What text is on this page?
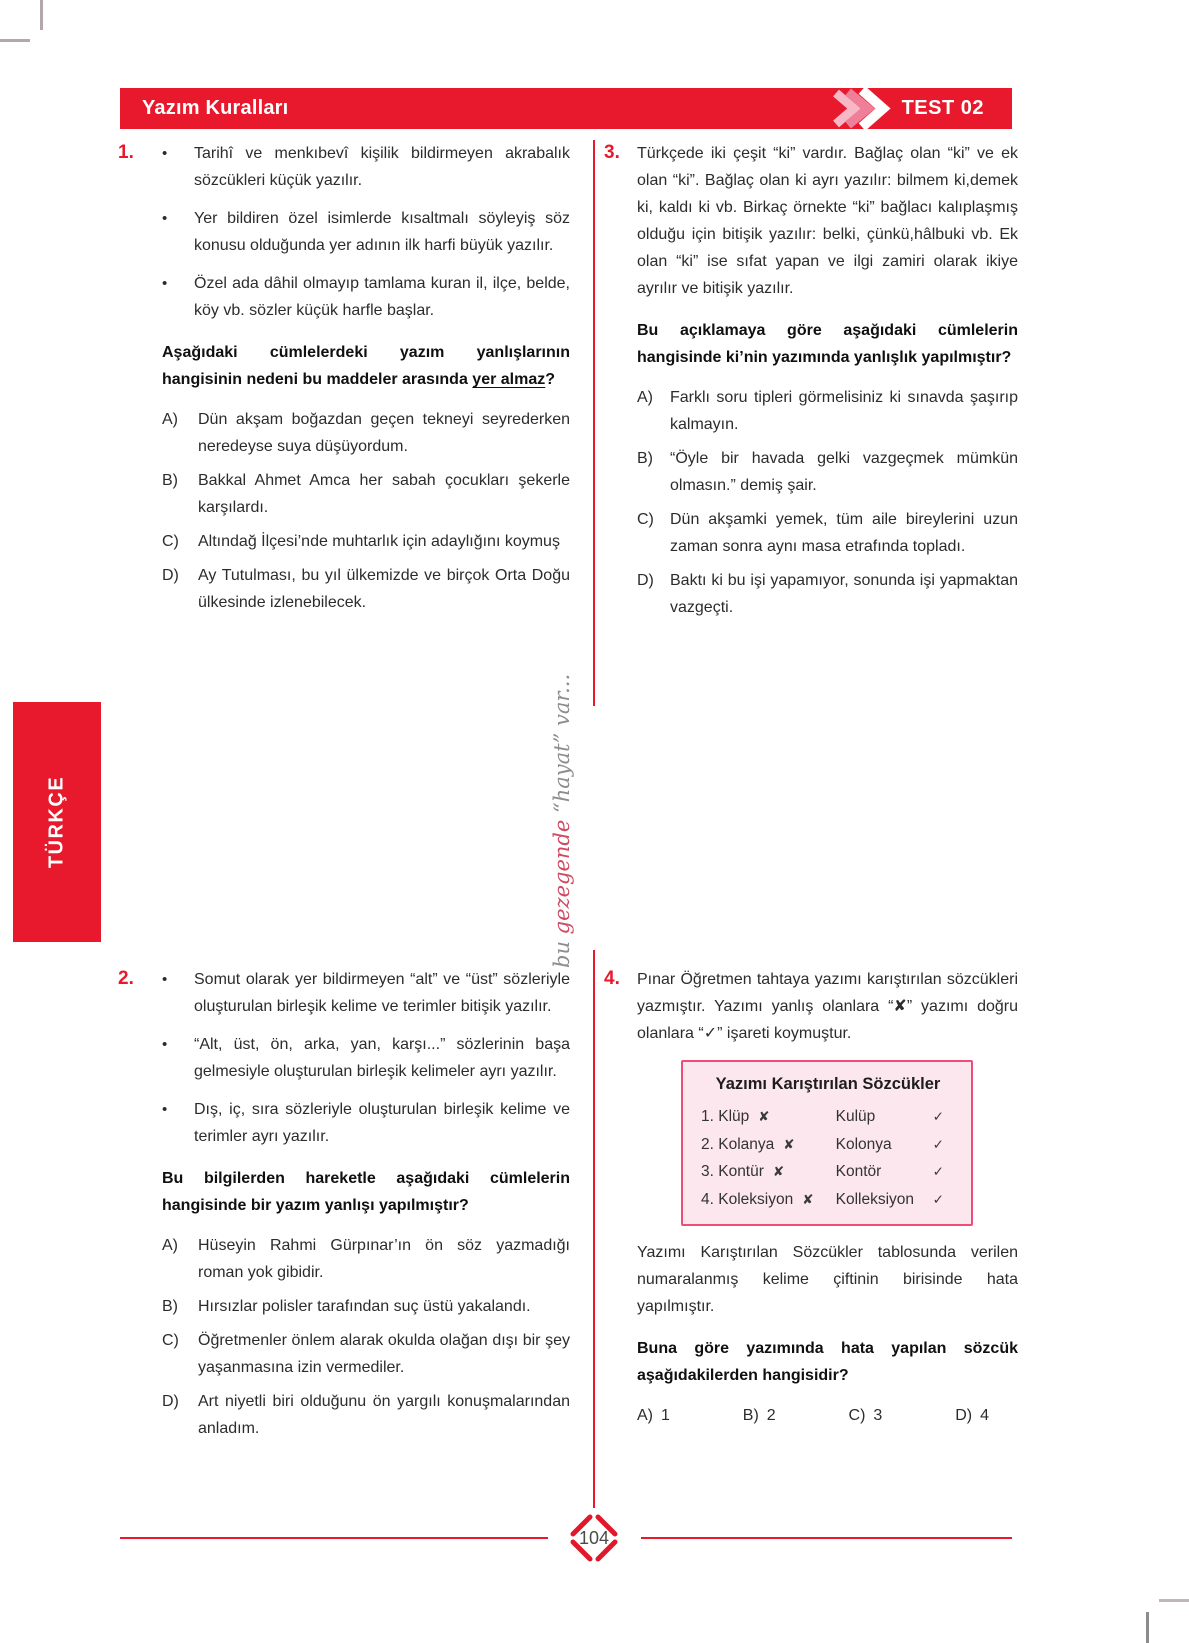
Yazım Kuralları	TEST 02
TÜRKÇE
bu gezegende “hayat” var...
1.	•	Tarihî ve menkıbevî kişilik bildirmeyen akrabalık sözcükleri küçük yazılır.
•	Yer bildiren özel isimlerde kısaltmalı söyleyiş söz konusu olduğunda yer adının ilk harfi büyük yazılır.
•	Özel ada dâhil olmayıp tamlama kuran il, ilçe, belde, köy vb. sözler küçük harfle başlar.
Aşağıdaki cümlelerdeki yazım yanlışlarının hangisinin nedeni bu maddeler arasında yer almaz?
A)	Dün akşam boğazdan geçen tekneyi seyrederken neredeyse suya düşüyordum.
B)	Bakkal Ahmet Amca her sabah çocukları şekerle karşılardı.
C)	Altındağ İlçesi’nde muhtarlık için adaylığını koymuş
D)	Ay Tutulması, bu yıl ülkemizde ve birçok Orta Doğu ülkesinde izlenebilecek.
3.	Türkçede iki çeşit “ki” vardır. Bağlaç olan “ki” ve ek olan “ki”. Bağlaç olan ki ayrı yazılır: bilmem ki,demek ki, kaldı ki vb. Birkaç örnekte “ki” bağlacı kalıplaşmış olduğu için bitişik yazılır: belki, çünkü,hâlbuki vb. Ek olan “ki” ise sıfat yapan ve ilgi zamiri olarak ikiye ayrılır ve bitişik yazılır.
Bu açıklamaya göre aşağıdaki cümlelerin hangisinde ki’nin yazımında yanlışlık yapılmıştır?
A)	Farklı soru tipleri görmelisiniz ki sınavda şaşırıp kalmayın.
B)	“Öyle bir havada gelki vazgeçmek mümkün olmasın.” demiş şair.
C)	Dün akşamki yemek, tüm aile bireylerini uzun zaman sonra aynı masa etrafında topladı.
D)	Baktı ki bu işi yapamıyor, sonunda işi yapmaktan vazgeçti.
2.	•	Somut olarak yer bildirmeyen “alt” ve “üst” sözleriyle oluşturulan birleşik kelime ve terimler bitişik yazılır.
•	“Alt, üst, ön, arka, yan, karşı...” sözlerinin başa gelmesiyle oluşturulan birleşik kelimeler ayrı yazılır.
•	Dış, iç, sıra sözleriyle oluşturulan birleşik kelime ve terimler ayrı yazılır.
Bu bilgilerden hareketle aşağıdaki cümlelerin hangisinde bir yazım yanlışı yapılmıştır?
A)	Hüseyin Rahmi Gürpınar’ın ön söz yazmadığı roman yok gibidir.
B)	Hırsızlar polisler tarafından suç üstü yakalandı.
C)	Öğretmenler önlem alarak okulda olağan dışı bir şey yaşanmasına izin vermediler.
D)	Art niyetli biri olduğunu ön yargılı konuşmalarından anladım.
4.	Pınar Öğretmen tahtaya yazımı karıştırılan sözcükleri yazmıştır. Yazımı yanlış olanlara “✘” yazımı doğru olanlara “✓” işareti koymuştur.
Yazımı Karıştırılan Sözcükler
1. Klüp ✘	Kulüp	✓
2. Kolanya ✘	Kolonya	✓
3. Kontür ✘	Kontör	✓
4. Koleksiyon ✘ Kolleksiyon	✓
Yazımı Karıştırılan Sözcükler tablosunda verilen numaralanmış kelime çiftinin birisinde hata yapılmıştır.
Buna göre yazımında hata yapılan sözcük aşağıdakilerden hangisidir?
A) 1	B) 2	C) 3	D) 4
104
